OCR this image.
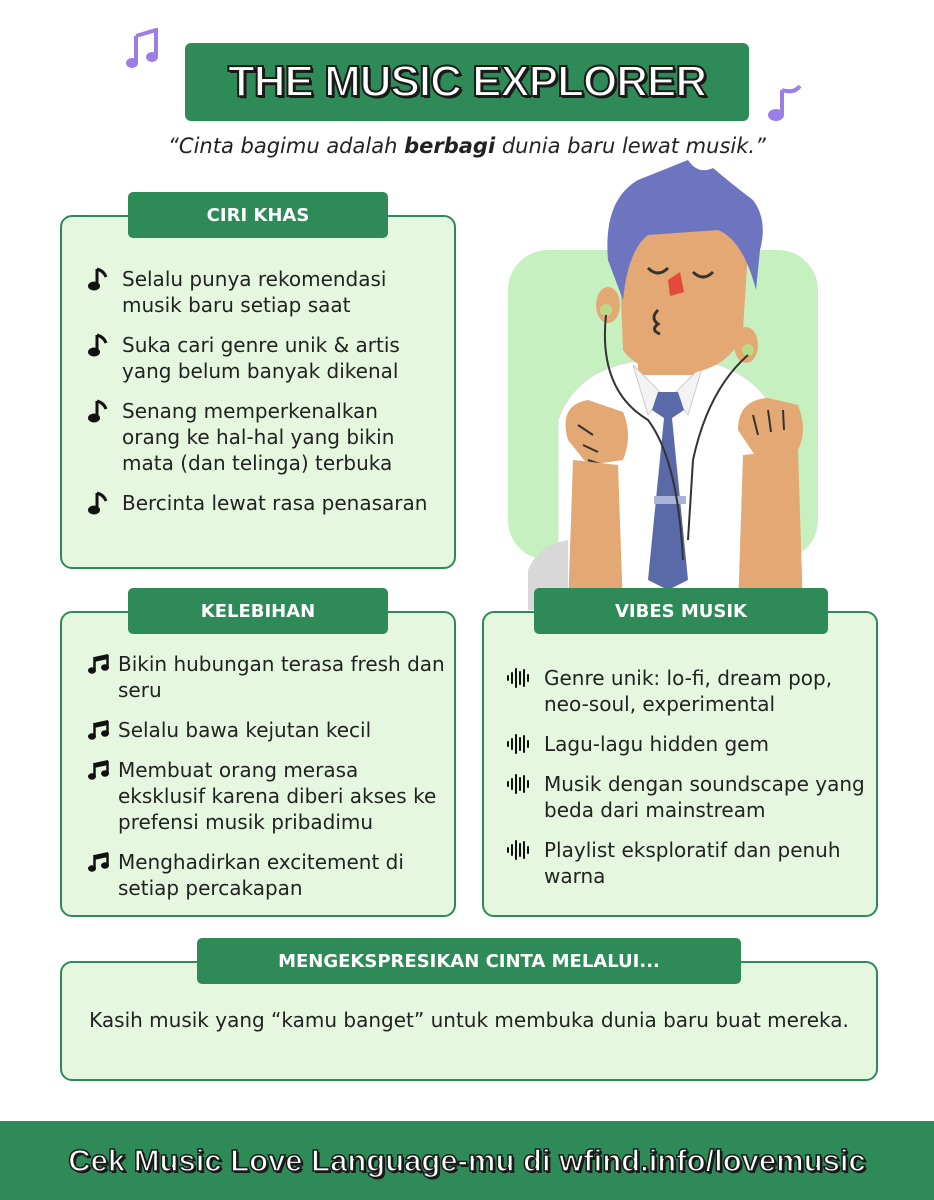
THE MUSIC EXPLORER
“Cinta bagimu adalah berbagi dunia baru lewat musik.”
CIRI KHAS
Selalu punya rekomendasi musik baru setiap saat
Suka cari genre unik & artis yang belum banyak dikenal
Senang memperkenalkan orang ke hal-hal yang bikin mata (dan telinga) terbuka
Bercinta lewat rasa penasaran
KELEBIHAN
Bikin hubungan terasa fresh dan seru
Selalu bawa kejutan kecil
Membuat orang merasa eksklusif karena diberi akses ke prefensi musik pribadimu
Menghadirkan excitement di setiap percakapan
VIBES MUSIK
Genre unik: lo-fi, dream pop, neo-soul, experimental
Lagu-lagu hidden gem
Musik dengan soundscape yang beda dari mainstream
Playlist eksploratif dan penuh warna
MENGEKSPRESIKAN CINTA MELALUI...
Kasih musik yang “kamu banget” untuk membuka dunia baru buat mereka.
Cek Music Love Language-mu di wfind.info/lovemusic
